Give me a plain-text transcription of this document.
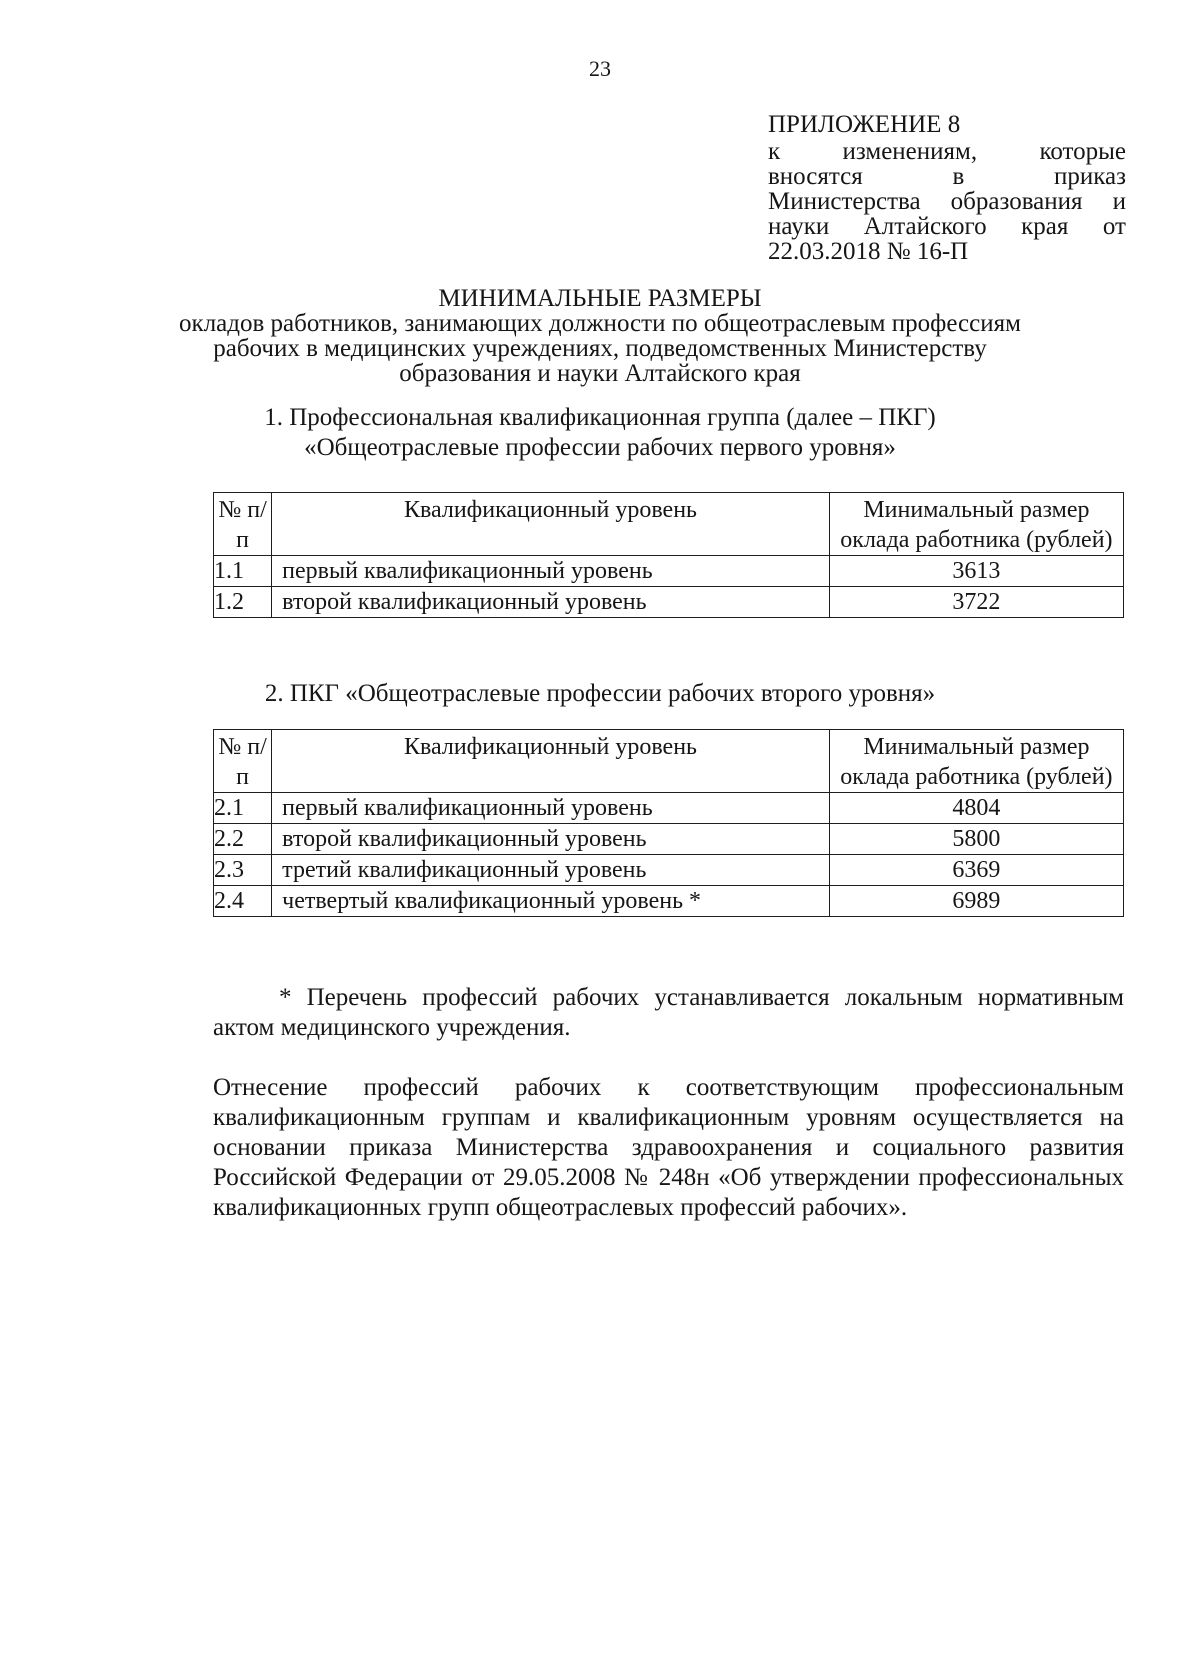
23
ПРИЛОЖЕНИЕ 8
к изменениям, которые
вносятся в приказ
Министерства образования и
науки Алтайского края от
22.03.2018 № 16-П
МИНИМАЛЬНЫЕ РАЗМЕРЫ
окладов работников, занимающих должности по общеотраслевым профессиям
рабочих в медицинских учреждениях, подведомственных Министерству
образования и науки Алтайского края
1. Профессиональная квалификационная группа (далее – ПКГ)
«Общеотраслевые профессии рабочих первого уровня»
№ п/п	Квалификационный уровень	Минимальный размер оклада работника (рублей)
1.1	первый квалификационный уровень	3613
1.2	второй квалификационный уровень	3722
2. ПКГ «Общеотраслевые профессии рабочих второго уровня»
№ п/п	Квалификационный уровень	Минимальный размер оклада работника (рублей)
2.1	первый квалификационный уровень	4804
2.2	второй квалификационный уровень	5800
2.3	третий квалификационный уровень	6369
2.4	четвертый квалификационный уровень *	6989

* Перечень профессий рабочих устанавливается локальным нормативным актом медицинского учреждения.

Отнесение профессий рабочих к соответствующим профессиональным квалификационным группам и квалификационным уровням осуществляется на основании приказа Министерства здравоохранения и социального развития Российской Федерации от 29.05.2008 № 248н «Об утверждении профессиональных квалификационных групп общеотраслевых профессий рабочих».
